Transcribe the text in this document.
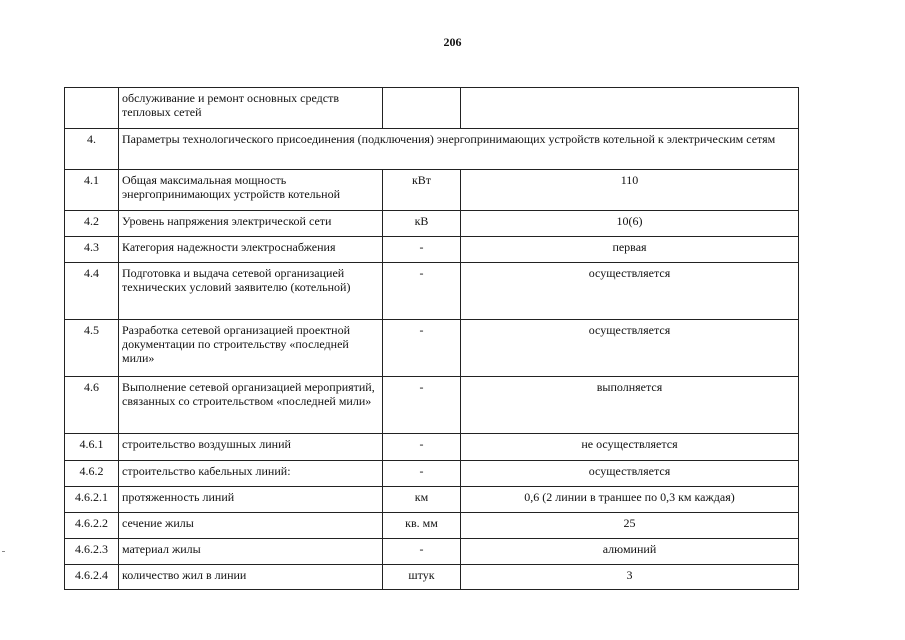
206
	обслуживание и ремонт основных средств тепловых сетей		
4.	Параметры технологического присоединения (подключения) энергопринимающих устройств котельной к электрическим сетям		
4.1	Общая максимальная мощность энергопринимающих устройств котельной	кВт	110
4.2	Уровень напряжения электрической сети	кВ	10(6)
4.3	Категория надежности электроснабжения	-	первая
4.4	Подготовка и выдача сетевой организацией технических условий заявителю (котельной)	-	осуществляется
4.5	Разработка сетевой организацией проектной документации по строительству «последней мили»	-	осуществляется
4.6	Выполнение сетевой организацией мероприятий, связанных со строительством «последней мили»	-	выполняется
4.6.1	строительство воздушных линий	-	не осуществляется
4.6.2	строительство кабельных линий:	-	осуществляется
4.6.2.1	протяженность линий	км	0,6 (2 линии в траншее по 0,3 км каждая)
4.6.2.2	сечение жилы	кв. мм	25
4.6.2.3	материал жилы	-	алюминий
4.6.2.4	количество жил в линии	штук	3
